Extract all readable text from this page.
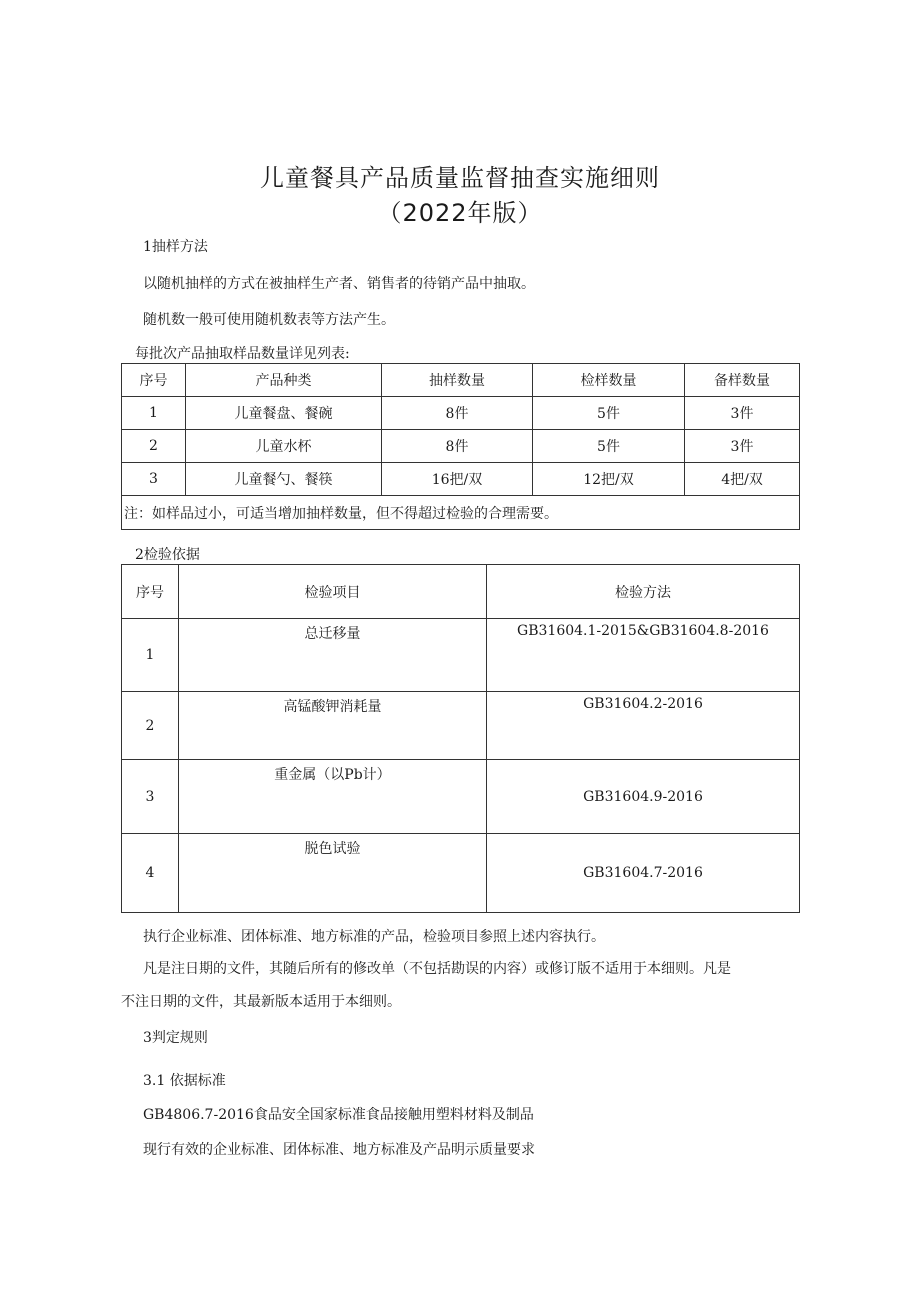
儿童餐具产品质量监督抽查实施细则
（2022年版）
1抽样方法
以随机抽样的方式在被抽样生产者、销售者的待销产品中抽取。
随机数一般可使用随机数表等方法产生。
每批次产品抽取样品数量详见列表:
序号	产品种类	抽样数量	检样数量	备样数量
1	儿童餐盘、餐碗	8件	5件	3件
2	儿童水杯	8件	5件	3件
3	儿童餐勺、餐筷	16把/双	12把/双	4把/双
注：如样品过小，可适当增加抽样数量，但不得超过检验的合理需要。				
2检验依据
序号	检验项目	检验方法
1	总迁移量	GB31604.1-2015&GB31604.8-2016
2	高锰酸钾消耗量	GB31604.2-2016
3	重金属（以Pb计）	GB31604.9-2016
4	脱色试验	GB31604.7-2016
执行企业标准、团体标准、地方标准的产品，检验项目参照上述内容执行。
凡是注日期的文件，其随后所有的修改单（不包括勘误的内容）或修订版不适用于本细则。凡是
不注日期的文件，其最新版本适用于本细则。
3判定规则
3.1 依据标准
GB4806.7-2016食品安全国家标准食品接触用塑料材料及制品
现行有效的企业标准、团体标准、地方标准及产品明示质量要求
